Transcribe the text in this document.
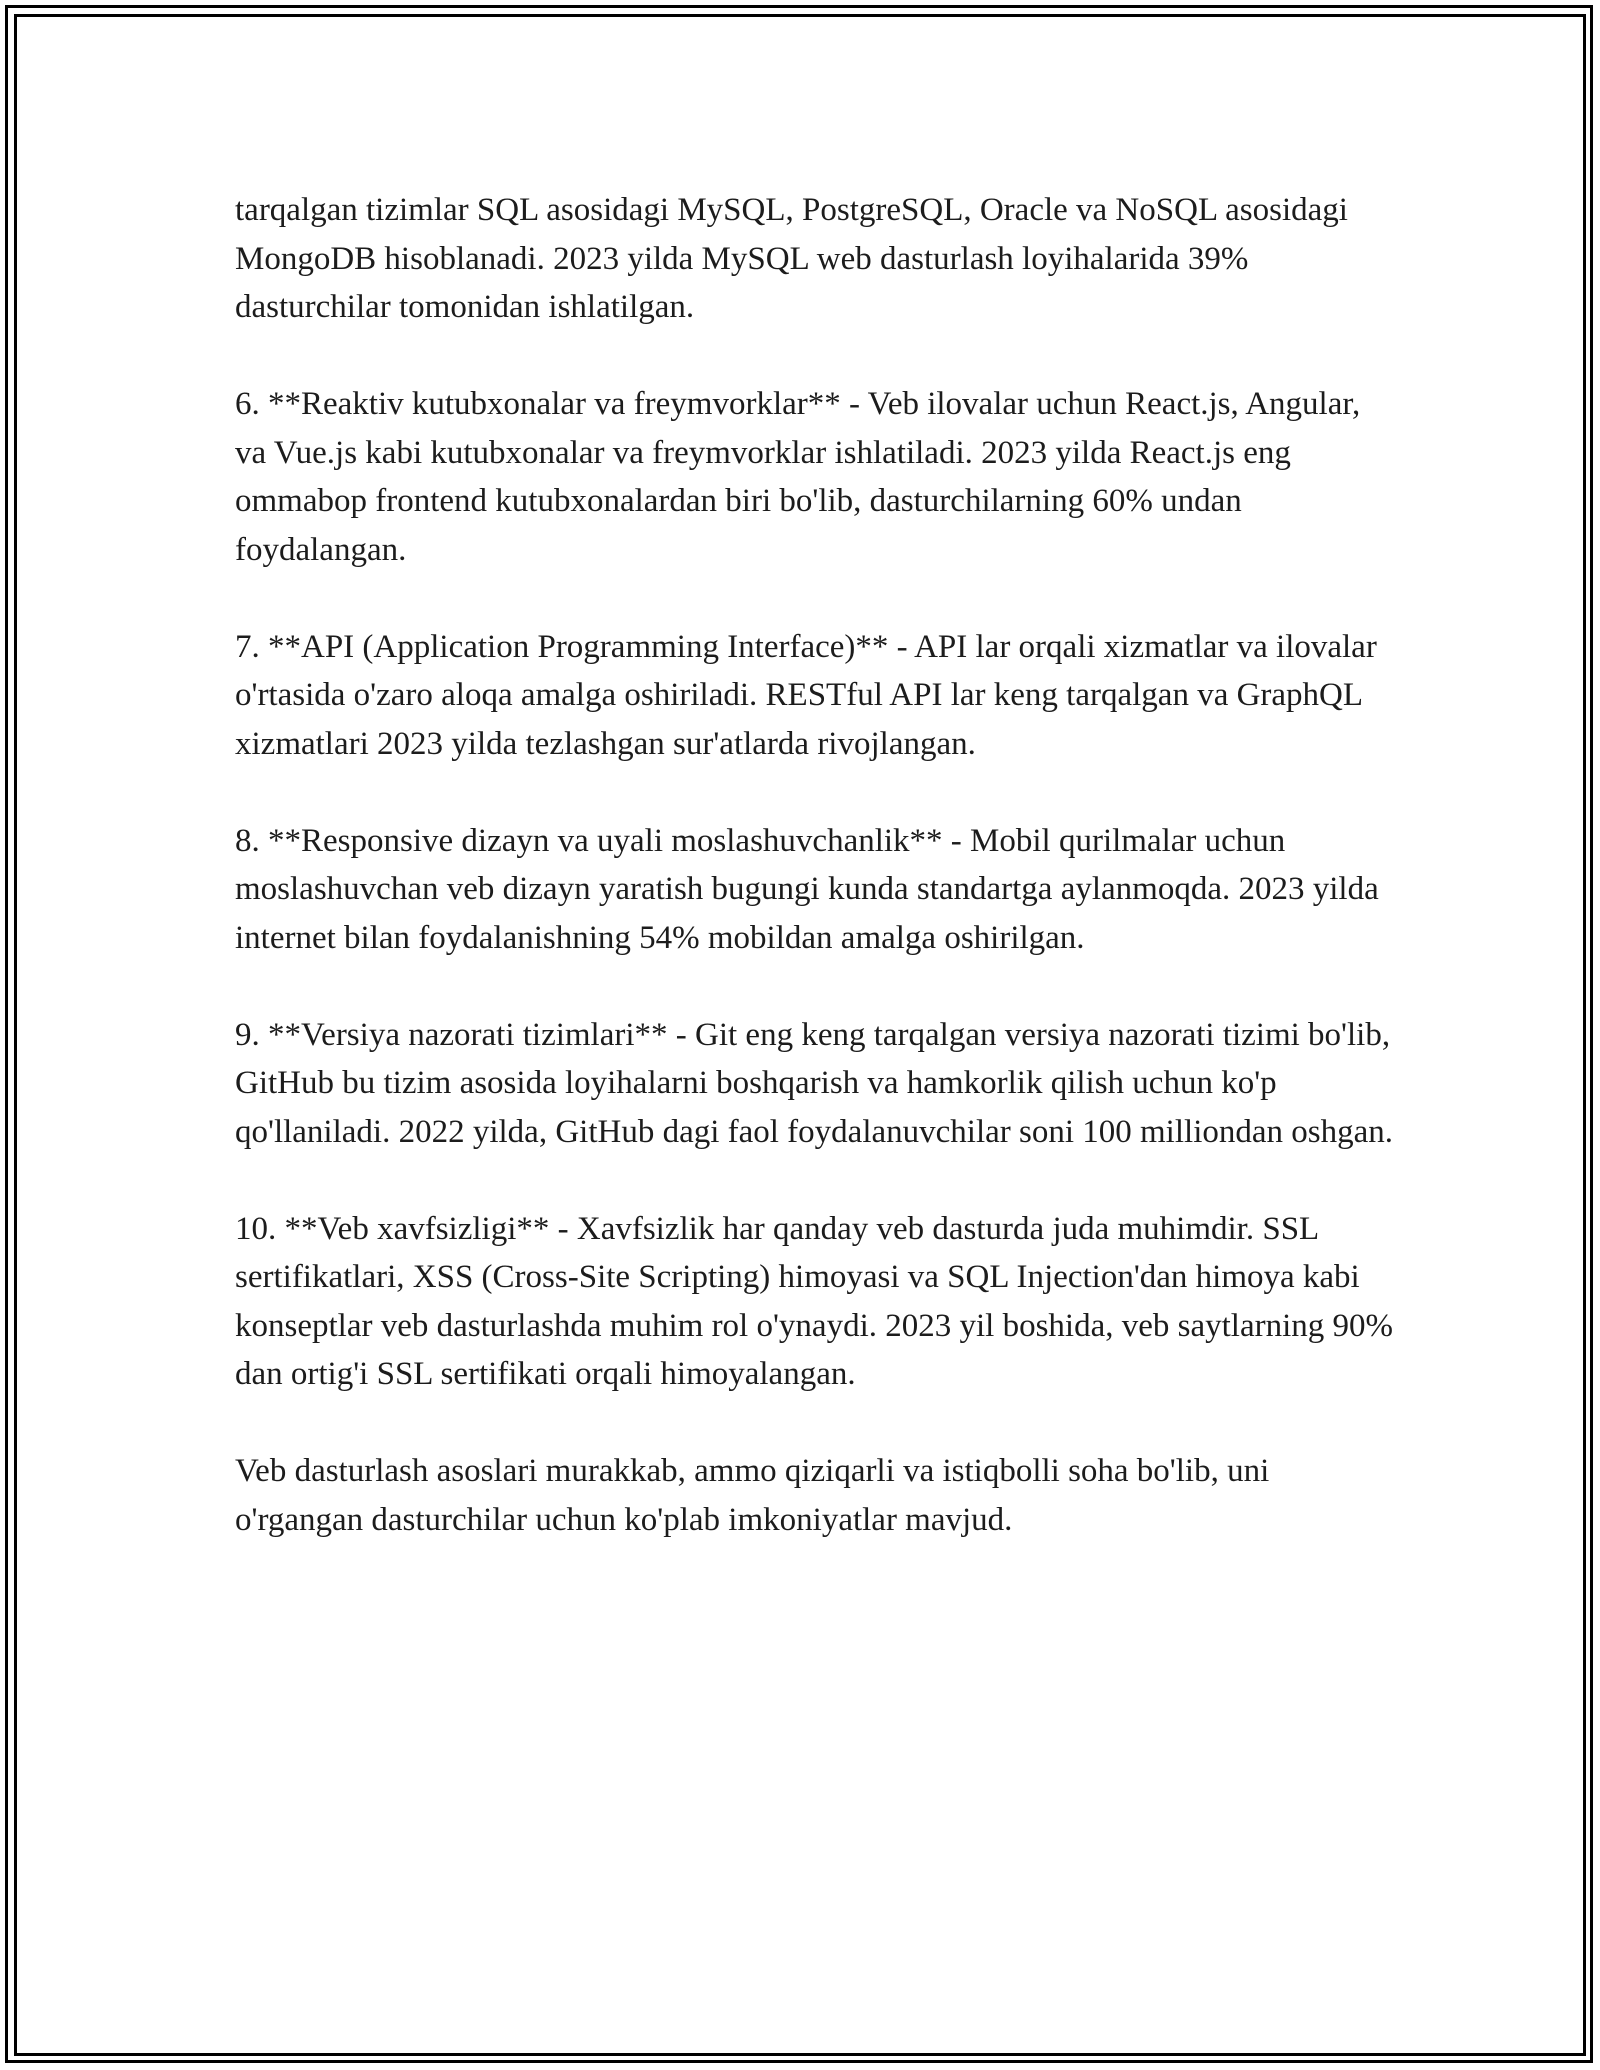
tarqalgan tizimlar SQL asosidagi MySQL, PostgreSQL, Oracle va NoSQL asosidagi MongoDB hisoblanadi. 2023 yilda MySQL web dasturlash loyihalarida 39% dasturchilar tomonidan ishlatilgan.

6. **Reaktiv kutubxonalar va freymvorklar** - Veb ilovalar uchun React.js, Angular, va Vue.js kabi kutubxonalar va freymvorklar ishlatiladi. 2023 yilda React.js eng ommabop frontend kutubxonalardan biri bo'lib, dasturchilarning 60% undan foydalangan.

7. **API (Application Programming Interface)** - API lar orqali xizmatlar va ilovalar o'rtasida o'zaro aloqa amalga oshiriladi. RESTful API lar keng tarqalgan va GraphQL xizmatlari 2023 yilda tezlashgan sur'atlarda rivojlangan.

8. **Responsive dizayn va uyali moslashuvchanlik** - Mobil qurilmalar uchun moslashuvchan veb dizayn yaratish bugungi kunda standartga aylanmoqda. 2023 yilda internet bilan foydalanishning 54% mobildan amalga oshirilgan.

9. **Versiya nazorati tizimlari** - Git eng keng tarqalgan versiya nazorati tizimi bo'lib, GitHub bu tizim asosida loyihalarni boshqarish va hamkorlik qilish uchun ko'p qo'llaniladi. 2022 yilda, GitHub dagi faol foydalanuvchilar soni 100 milliondan oshgan.

10. **Veb xavfsizligi** - Xavfsizlik har qanday veb dasturda juda muhimdir. SSL sertifikatlari, XSS (Cross-Site Scripting) himoyasi va SQL Injection'dan himoya kabi konseptlar veb dasturlashda muhim rol o'ynaydi. 2023 yil boshida, veb saytlarning 90% dan ortig'i SSL sertifikati orqali himoyalangan.

Veb dasturlash asoslari murakkab, ammo qiziqarli va istiqbolli soha bo'lib, uni o'rgangan dasturchilar uchun ko'plab imkoniyatlar mavjud.
